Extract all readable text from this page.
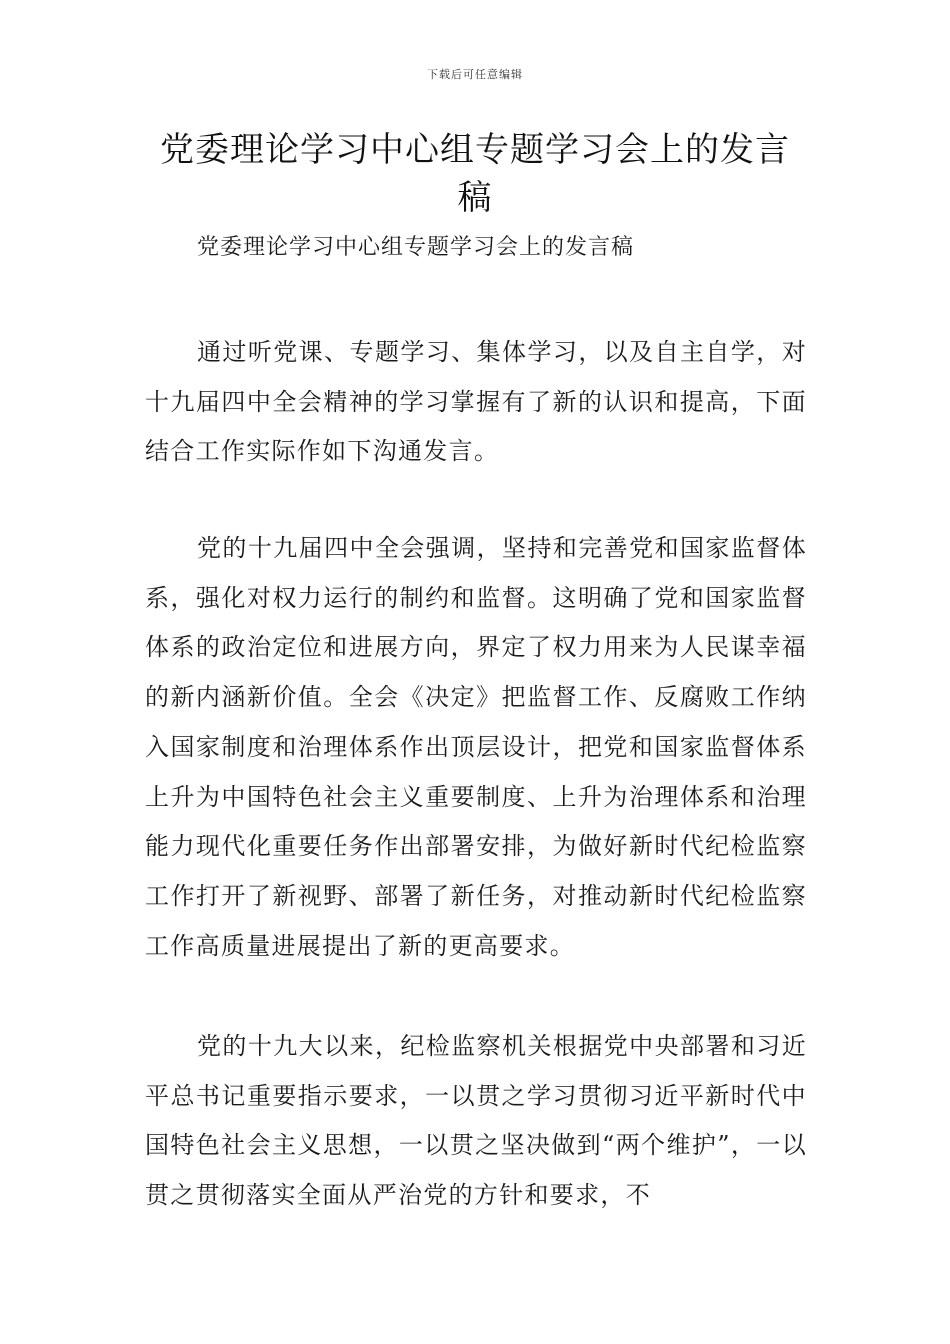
下载后可任意编辑
党委理论学习中心组专题学习会上的发言稿
党委理论学习中心组专题学习会上的发言稿

通过听党课、专题学习、集体学习，以及自主自学，对十九届四中全会精神的学习掌握有了新的认识和提高，下面结合工作实际作如下沟通发言。

党的十九届四中全会强调，坚持和完善党和国家监督体系，强化对权力运行的制约和监督。这明确了党和国家监督体系的政治定位和进展方向，界定了权力用来为人民谋幸福的新内涵新价值。全会《决定》把监督工作、反腐败工作纳入国家制度和治理体系作出顶层设计，把党和国家监督体系上升为中国特色社会主义重要制度、上升为治理体系和治理能力现代化重要任务作出部署安排，为做好新时代纪检监察工作打开了新视野、部署了新任务，对推动新时代纪检监察工作高质量进展提出了新的更高要求。

党的十九大以来，纪检监察机关根据党中央部署和习近平总书记重要指示要求，一以贯之学习贯彻习近平新时代中国特色社会主义思想，一以贯之坚决做到“两个维护”，一以贯之贯彻落实全面从严治党的方针和要求，不
